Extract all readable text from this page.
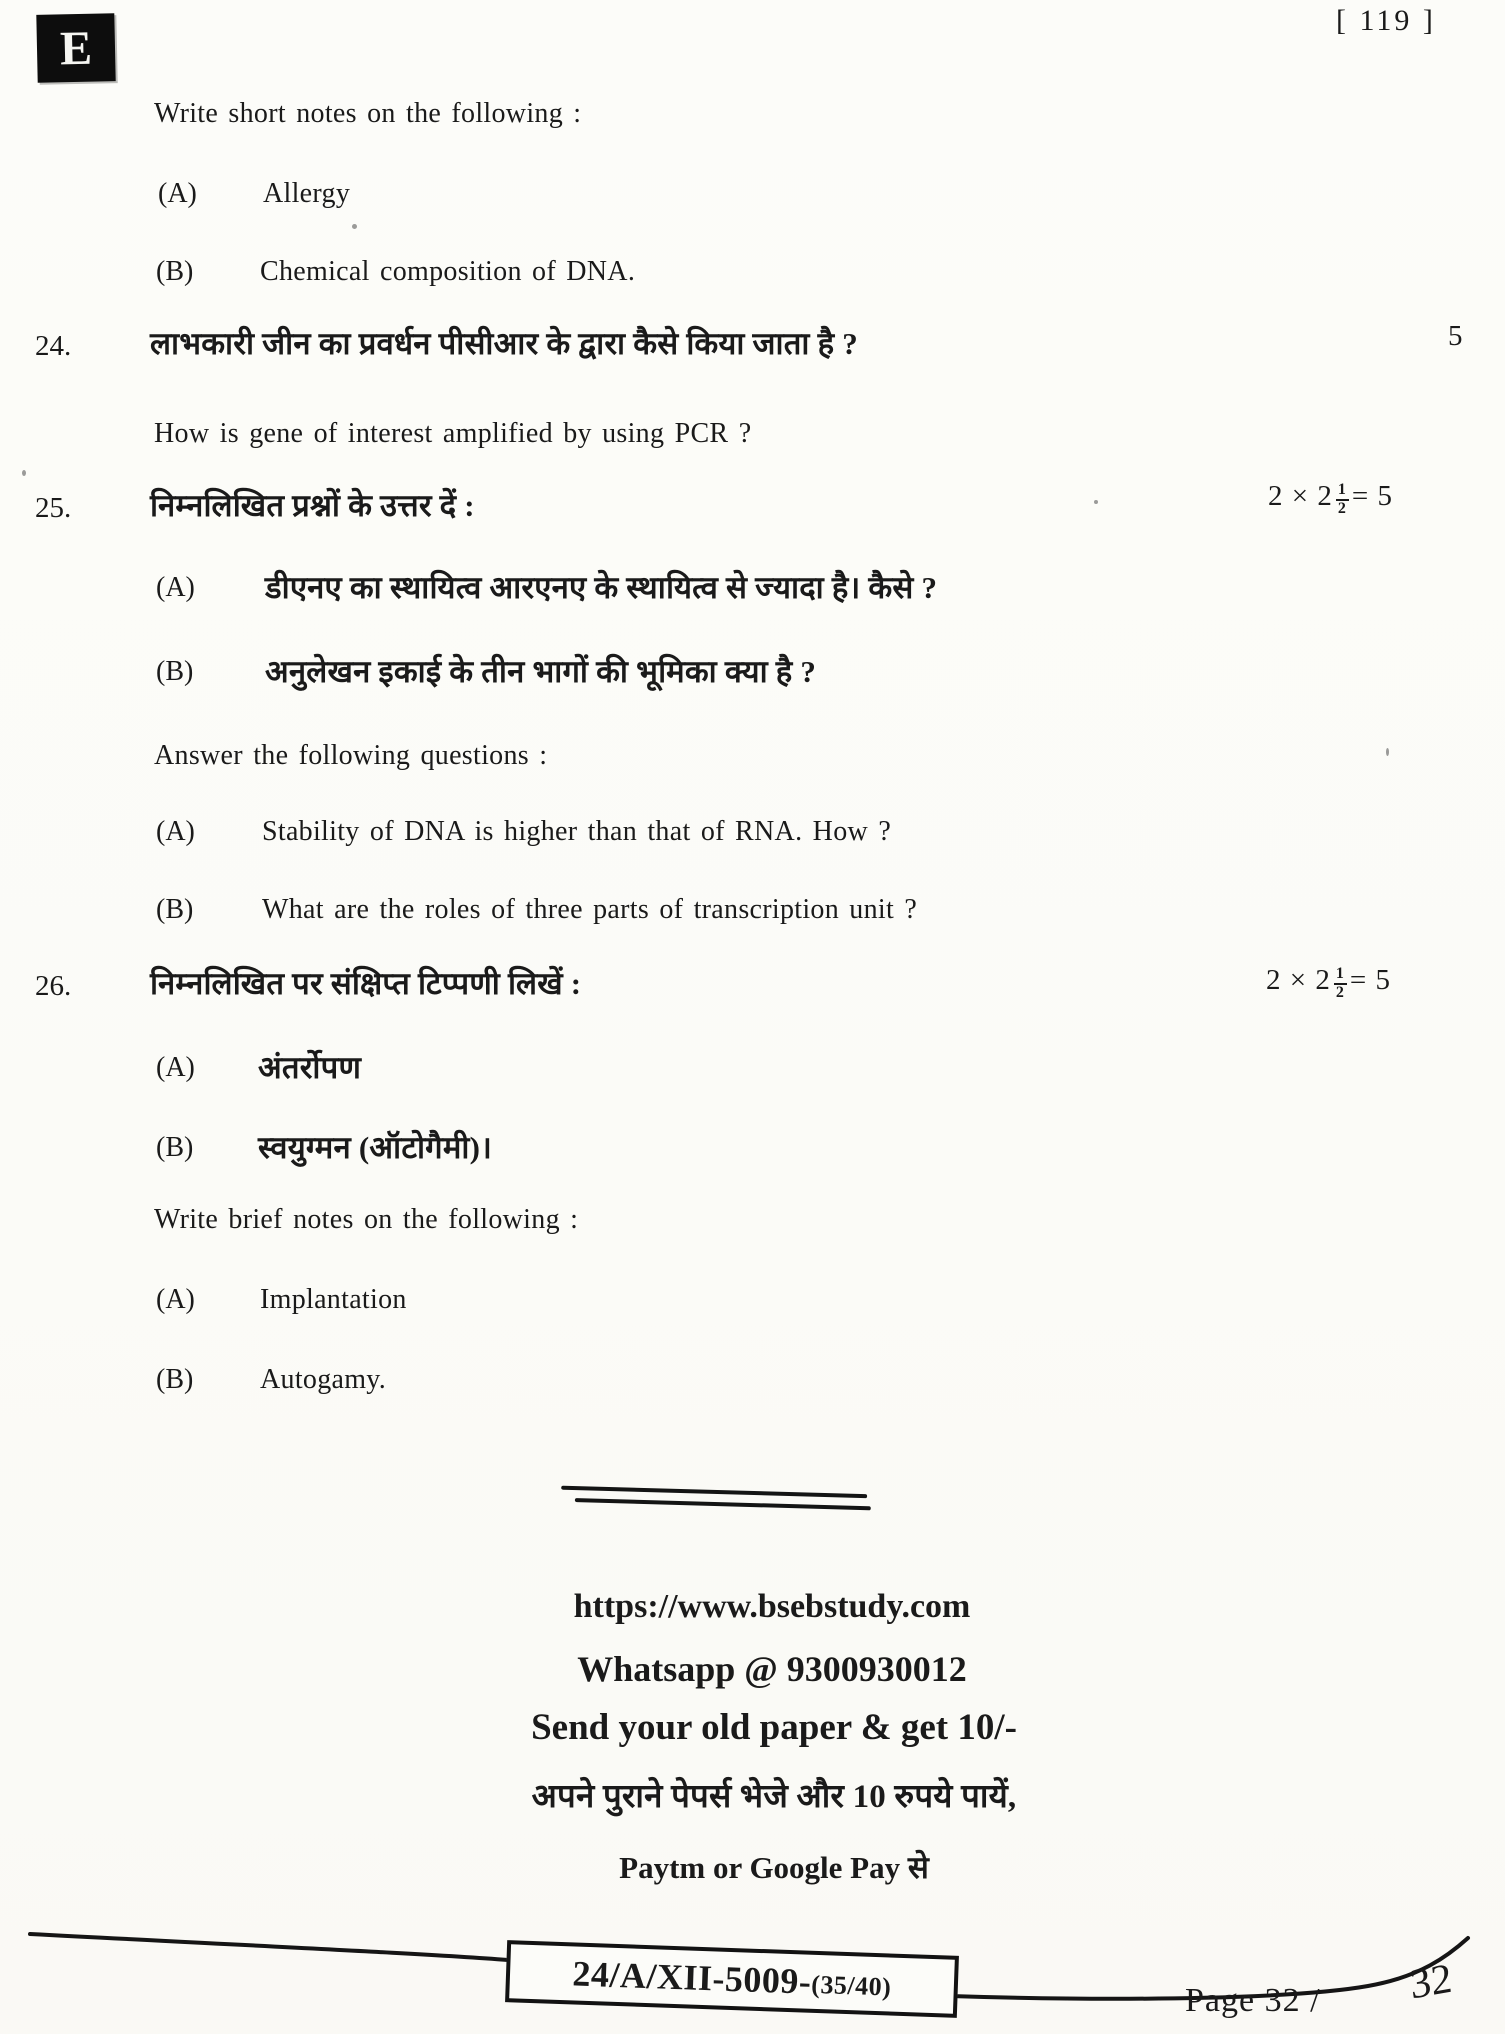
E
[ 119 ]
Write short notes on the following :
(A) Allergy
(B) Chemical composition of DNA.
24.	लाभकारी जीन का प्रवर्धन पीसीआर के द्वारा कैसे किया जाता है ?	5
How is gene of interest amplified by using PCR ?
25.	निम्नलिखित प्रश्नों के उत्तर दें :	$2 \times 2 \frac{1}{2} = 5$
(A) डीएनए का स्थायित्व आरएनए के स्थायित्व से ज्यादा है। कैसे ?
(B) अनुलेखन इकाई के तीन भागों की भूमिका क्या है ?
Answer the following questions :
(A) Stability of DNA is higher than that of RNA. How ?
(B) What are the roles of three parts of transcription unit ?
26.	निम्नलिखित पर संक्षिप्त टिप्पणी लिखें :	$2 \times 2 \frac{1}{2} = 5$
(A) अंतर्रोपण
(B) स्वयुग्मन (ऑटोगैमी)।
Write brief notes on the following :
(A) Implantation
(B) Autogamy.
https://www.bsebstudy.com
Whatsapp @ 9300930012
Send your old paper & get 10/-
अपने पुराने पेपर्स भेजे और 10 रुपये पायें,
Paytm or Google Pay से
24/A/XII-5009-
(35/40)	Page 32 / 32
